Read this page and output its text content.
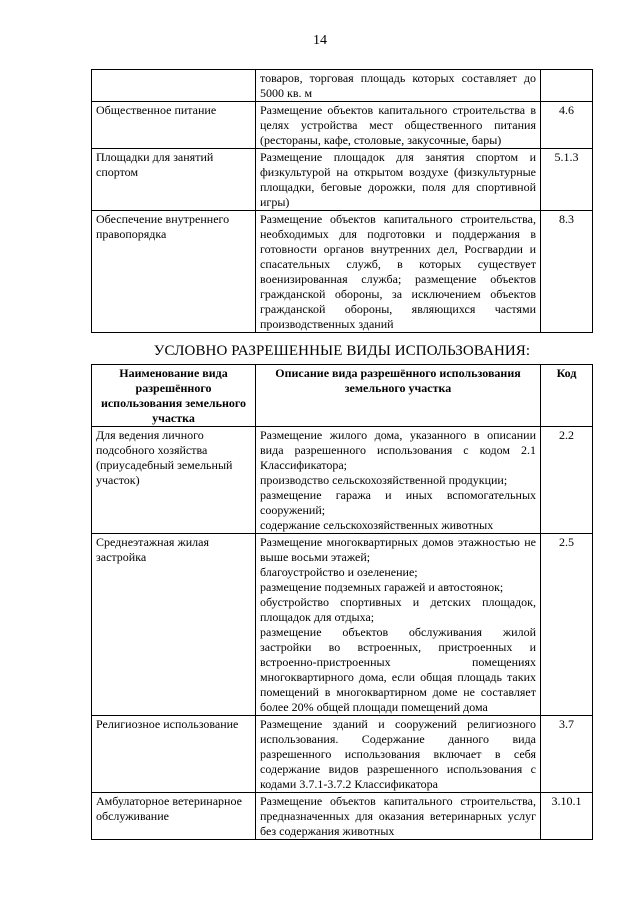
14

	товаров, торговая площадь которых составляет до 5000 кв. м	

Общественное питание	Размещение объектов капитального строительства в целях устройства мест общественного питания (рестораны, кафе, столовые, закусочные, бары)	4.6
Площадки для занятий спортом	Размещение площадок для занятия спортом и физкультурой на открытом воздухе (физкультурные площадки, беговые дорожки, поля для спортивной игры)	5.1.3
Обеспечение внутреннего правопорядка	Размещение объектов капитального строительства, необходимых для подготовки и поддержания в готовности органов внутренних дел, Росгвардии и спасательных служб, в которых существует военизированная служба; размещение объектов гражданской обороны, за исключением объектов гражданской обороны, являющихся частями производственных зданий	8.3
УСЛОВНО РАЗРЕШЕННЫЕ ВИДЫ ИСПОЛЬЗОВАНИЯ:
Наименование вида разрешённого использования земельного участка	Описание вида разрешённого использования земельного участка	Код
Для ведения личного подсобного хозяйства (приусадебный земельный участок)	Размещение жилого дома, указанного в описании вида разрешенного использования с кодом 2.1 Классификатора;
производство сельскохозяйственной продукции;
размещение гаража и иных вспомогательных сооружений;
содержание сельскохозяйственных животных	2.2
Среднеэтажная жилая застройка	Размещение многоквартирных домов этажностью не выше восьми этажей;
благоустройство и озеленение;
размещение подземных гаражей и автостоянок;
обустройство спортивных и детских площадок, площадок для отдыха;
размещение объектов обслуживания жилой застройки во встроенных, пристроенных и встроенно-пристроенных помещениях многоквартирного дома, если общая площадь таких помещений в многоквартирном доме не составляет более 20% общей площади помещений дома	2.5
Религиозное использование	Размещение зданий и сооружений религиозного использования. Содержание данного вида разрешенного использования включает в себя содержание видов разрешенного использования с кодами 3.7.1-3.7.2 Классификатора	3.7
Амбулаторное ветеринарное обслуживание	Размещение объектов капитального строительства, предназначенных для оказания ветеринарных услуг без содержания животных	3.10.1
